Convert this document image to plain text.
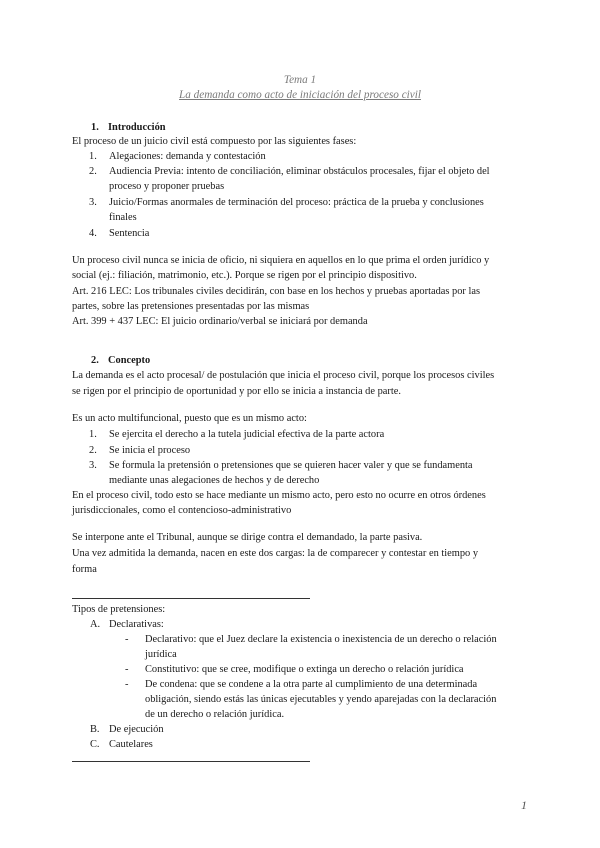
Tema 1
La demanda como acto de iniciación del proceso civil
1. Introducción
El proceso de un juicio civil está compuesto por las siguientes fases:
1. Alegaciones: demanda y contestación
2. Audiencia Previa: intento de conciliación, eliminar obstáculos procesales, fijar el objeto del
proceso y proponer pruebas
3. Juicio/Formas anormales de terminación del proceso: práctica de la prueba y conclusiones
finales
4. Sentencia
Un proceso civil nunca se inicia de oficio, ni siquiera en aquellos en lo que prima el orden jurídico y
social (ej.: filiación, matrimonio, etc.). Porque se rigen por el principio dispositivo.
Art. 216 LEC: Los tribunales civiles decidirán, con base en los hechos y pruebas aportadas por las
partes, sobre las pretensiones presentadas por las mismas
Art. 399 + 437 LEC: El juicio ordinario/verbal se iniciará por demanda
2. Concepto
La demanda es el acto procesal/ de postulación que inicia el proceso civil, porque los procesos civiles
se rigen por el principio de oportunidad y por ello se inicia a instancia de parte.
Es un acto multifuncional, puesto que es un mismo acto:
1. Se ejercita el derecho a la tutela judicial efectiva de la parte actora
2. Se inicia el proceso
3. Se formula la pretensión o pretensiones que se quieren hacer valer y que se fundamenta
mediante unas alegaciones de hechos y de derecho
En el proceso civil, todo esto se hace mediante un mismo acto, pero esto no ocurre en otros órdenes
jurisdiccionales, como el contencioso-administrativo
Se interpone ante el Tribunal, aunque se dirige contra el demandado, la parte pasiva.
Una vez admitida la demanda, nacen en este dos cargas: la de comparecer y contestar en tiempo y
forma
Tipos de pretensiones:
A. Declarativas:
- Declarativo: que el Juez declare la existencia o inexistencia de un derecho o relación
jurídica
- Constitutivo: que se cree, modifique o extinga un derecho o relación jurídica
- De condena: que se condene a la otra parte al cumplimiento de una determinada
obligación, siendo estás las únicas ejecutables y yendo aparejadas con la declaración
de un derecho o relación jurídica.
B. De ejecución
C. Cautelares
1
